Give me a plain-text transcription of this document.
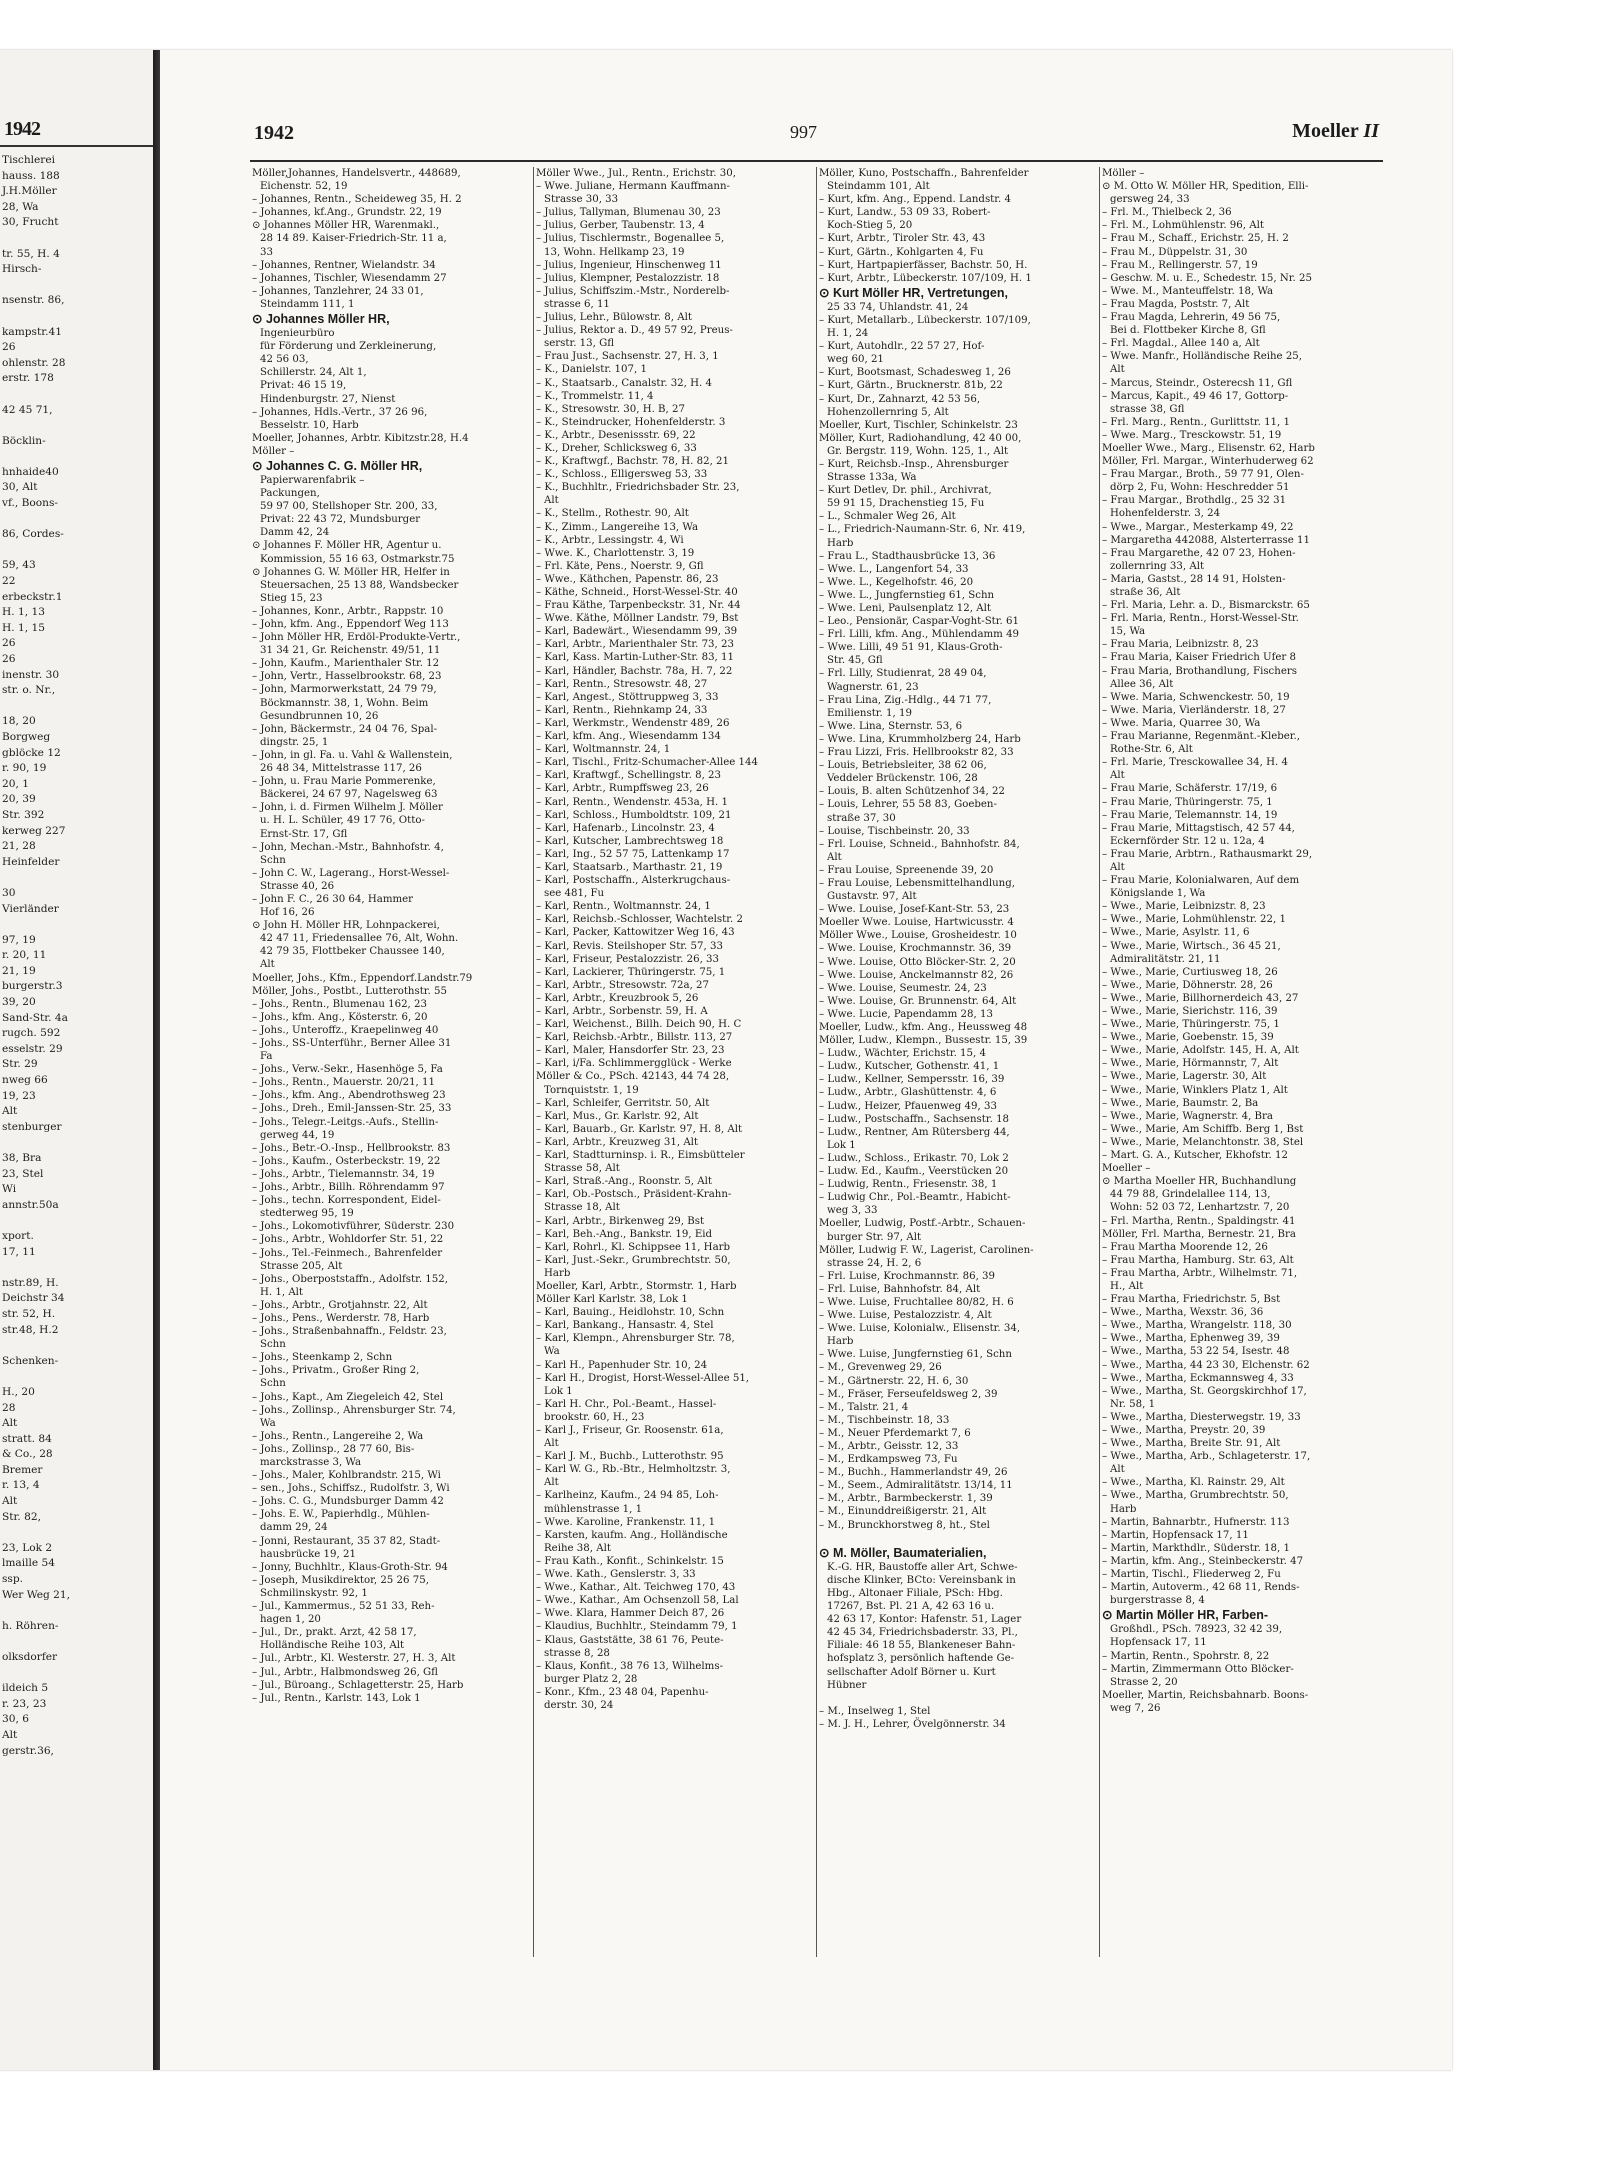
1942
Tischlerei
hauss. 188
J.H.Möller
28, Wa
30, Frucht

tr. 55, H. 4
Hirsch-

nsenstr. 86,

kampstr.41
26
ohlenstr. 28
erstr. 178

42 45 71,

Böcklin-

hnhaide40
30, Alt
vf., Boons-

86, Cordes-

59, 43
22
erbeckstr.1
H. 1, 13
H. 1, 15
26
26
inenstr. 30
str. o. Nr.,

18, 20
Borgweg
gblöcke 12
r. 90, 19
20, 1
20, 39
Str. 392
kerweg 227
21, 28
Heinfelder

30
Vierländer

97, 19
r. 20, 11
21, 19
burgerstr.3
39, 20
Sand-Str. 4a
rugch. 592
esselstr. 29
Str. 29
nweg 66
19, 23
Alt
stenburger

38, Bra
23, Stel
Wi
annstr.50a

xport.
17, 11

nstr.89, H.
Deichstr 34
str. 52, H.
str.48, H.2

Schenken-

H., 20
28
Alt
stratt. 84
& Co., 28
Bremer
r. 13, 4
Alt
Str. 82,

23, Lok 2
lmaille 54
ssp.
Wer Weg 21,

h. Röhren-

olksdorfer

ildeich 5
r. 23, 23
30, 6
Alt
gerstr.36,
1942	997	Moeller II
Möller,Johannes, Handelsvertr., 448689,
Eichenstr. 52, 19
– Johannes, Rentn., Scheideweg 35, H. 2
– Johannes, kf.Ang., Grundstr. 22, 19
⊙ Johannes Möller HR, Warenmakl.,
28 14 89. Kaiser-Friedrich-Str. 11 a,
33
– Johannes, Rentner, Wielandstr. 34
– Johannes, Tischler, Wiesendamm 27
– Johannes, Tanzlehrer, 24 33 01,
Steindamm 111, 1
⊙ Johannes Möller HR,
Ingenieurbüro
für Förderung und Zerkleinerung,
42 56 03,
Schillerstr. 24, Alt 1,
Privat: 46 15 19,
Hindenburgstr. 27, Nienst
– Johannes, Hdls.-Vertr., 37 26 96,
Besselstr. 10, Harb
Moeller, Johannes, Arbtr. Kibitzstr.28, H.4
Möller –
⊙ Johannes C. G. Möller HR,
Papierwarenfabrik –
Packungen,
59 97 00, Stellshoper Str. 200, 33,
Privat: 22 43 72, Mundsburger
Damm 42, 24
⊙ Johannes F. Möller HR, Agentur u.
Kommission, 55 16 63, Ostmarkstr.75
⊙ Johannes G. W. Möller HR, Helfer in
Steuersachen, 25 13 88, Wandsbecker
Stieg 15, 23
– Johannes, Konr., Arbtr., Rappstr. 10
– John, kfm. Ang., Eppendorf Weg 113
– John Möller HR, Erdöl-Produkte-Vertr.,
31 34 21, Gr. Reichenstr. 49/51, 11
– John, Kaufm., Marienthaler Str. 12
– John, Vertr., Hasselbrookstr. 68, 23
– John, Marmorwerkstatt, 24 79 79,
Böckmannstr. 38, 1, Wohn. Beim
Gesundbrunnen 10, 26
– John, Bäckermstr., 24 04 76, Spal-
dingstr. 25, 1
– John, in gl. Fa. u. Vahl & Wallenstein,
26 48 34, Mittelstrasse 117, 26
– John, u. Frau Marie Pommerenke,
Bäckerei, 24 67 97, Nagelsweg 63
– John, i. d. Firmen Wilhelm J. Möller
u. H. L. Schüler, 49 17 76, Otto-
Ernst-Str. 17, Gfl
– John, Mechan.-Mstr., Bahnhofstr. 4,
Schn
– John C. W., Lagerang., Horst-Wessel-
Strasse 40, 26
– John F. C., 26 30 64, Hammer
Hof 16, 26
⊙ John H. Möller HR, Lohnpackerei,
42 47 11, Friedensallee 76, Alt, Wohn.
42 79 35, Flottbeker Chaussee 140,
Alt
Moeller, Johs., Kfm., Eppendorf.Landstr.79
Möller, Johs., Postbt., Lutterothstr. 55
– Johs., Rentn., Blumenau 162, 23
– Johs., kfm. Ang., Kösterstr. 6, 20
– Johs., Unteroffz., Kraepelinweg 40
– Johs., SS-Unterführ., Berner Allee 31
Fa
– Johs., Verw.-Sekr., Hasenhöge 5, Fa
– Johs., Rentn., Mauerstr. 20/21, 11
– Johs., kfm. Ang., Abendrothsweg 23
– Johs., Dreh., Emil-Janssen-Str. 25, 33
– Johs., Telegr.-Leitgs.-Aufs., Stellin-
gerweg 44, 19
– Johs., Betr.-O.-Insp., Hellbrookstr. 83
– Johs., Kaufm., Osterbeckstr. 19, 22
– Johs., Arbtr., Tielemannstr. 34, 19
– Johs., Arbtr., Billh. Röhrendamm 97
– Johs., techn. Korrespondent, Eidel-
stedterweg 95, 19
– Johs., Lokomotivführer, Süderstr. 230
– Johs., Arbtr., Wohldorfer Str. 51, 22
– Johs., Tel.-Feinmech., Bahrenfelder
Strasse 205, Alt
– Johs., Oberpoststaffn., Adolfstr. 152,
H. 1, Alt
– Johs., Arbtr., Grotjahnstr. 22, Alt
– Johs., Pens., Werderstr. 78, Harb
– Johs., Straßenbahnaffn., Feldstr. 23,
Schn
– Johs., Steenkamp 2, Schn
– Johs., Privatm., Großer Ring 2,
Schn
– Johs., Kapt., Am Ziegeleich 42, Stel
– Johs., Zollinsp., Ahrensburger Str. 74,
Wa
– Johs., Rentn., Langereihe 2, Wa
– Johs., Zollinsp., 28 77 60, Bis-
marckstrasse 3, Wa
– Johs., Maler, Kohlbrandstr. 215, Wi
– sen., Johs., Schiffsz., Rudolfstr. 3, Wi
– Johs. C. G., Mundsburger Damm 42
– Johs. E. W., Papierhdlg., Mühlen-
damm 29, 24
– Jonni, Restaurant, 35 37 82, Stadt-
hausbrücke 19, 21
– Jonny, Buchhltr., Klaus-Groth-Str. 94
– Joseph, Musikdirektor, 25 26 75,
Schmilinskystr. 92, 1
– Jul., Kammermus., 52 51 33, Reh-
hagen 1, 20
– Jul., Dr., prakt. Arzt, 42 58 17,
Holländische Reihe 103, Alt
– Jul., Arbtr., Kl. Westerstr. 27, H. 3, Alt
– Jul., Arbtr., Halbmondsweg 26, Gfl
– Jul., Büroang., Schlagetterstr. 25, Harb
– Jul., Rentn., Karlstr. 143, Lok 1
Möller Wwe., Jul., Rentn., Erichstr. 30,
– Wwe. Juliane, Hermann Kauffmann-
Strasse 30, 33
– Julius, Tallyman, Blumenau 30, 23
– Julius, Gerber, Taubenstr. 13, 4
– Julius, Tischlermstr., Bogenallee 5,
13, Wohn. Hellkamp 23, 19
– Julius, Ingenieur, Hinschenweg 11
– Julius, Klempner, Pestalozzistr. 18
– Julius, Schiffszim.-Mstr., Norderelb-
strasse 6, 11
– Julius, Lehr., Bülowstr. 8, Alt
– Julius, Rektor a. D., 49 57 92, Preus-
serstr. 13, Gfl
– Frau Just., Sachsenstr. 27, H. 3, 1
– K., Danielstr. 107, 1
– K., Staatsarb., Canalstr. 32, H. 4
– K., Trommelstr. 11, 4
– K., Stresowstr. 30, H. B, 27
– K., Steindrucker, Hohenfelderstr. 3
– K., Arbtr., Desenissstr. 69, 22
– K., Dreher, Schlicksweg 6, 33
– K., Kraftwgf., Bachstr. 78, H. 82, 21
– K., Schloss., Elligersweg 53, 33
– K., Buchhltr., Friedrichsbader Str. 23,
Alt
– K., Stellm., Rothestr. 90, Alt
– K., Zimm., Langereihe 13, Wa
– K., Arbtr., Lessingstr. 4, Wi
– Wwe. K., Charlottenstr. 3, 19
– Frl. Käte, Pens., Noerstr. 9, Gfl
– Wwe., Käthchen, Papenstr. 86, 23
– Käthe, Schneid., Horst-Wessel-Str. 40
– Frau Käthe, Tarpenbeckstr. 31, Nr. 44
– Wwe. Käthe, Möllner Landstr. 79, Bst
– Karl, Badewärt., Wiesendamm 99, 39
– Karl, Arbtr., Marienthaler Str. 73, 23
– Karl, Kass. Martin-Luther-Str. 83, 11
– Karl, Händler, Bachstr. 78a, H. 7, 22
– Karl, Rentn., Stresowstr. 48, 27
– Karl, Angest., Stöttruppweg 3, 33
– Karl, Rentn., Riehnkamp 24, 33
– Karl, Werkmstr., Wendenstr 489, 26
– Karl, kfm. Ang., Wiesendamm 134
– Karl, Woltmannstr. 24, 1
– Karl, Tischl., Fritz-Schumacher-Allee 144
– Karl, Kraftwgf., Schellingstr. 8, 23
– Karl, Arbtr., Rumpffsweg 23, 26
– Karl, Rentn., Wendenstr. 453a, H. 1
– Karl, Schloss., Humboldtstr. 109, 21
– Karl, Hafenarb., Lincolnstr. 23, 4
– Karl, Kutscher, Lambrechtsweg 18
– Karl, Ing., 52 57 75, Lattenkamp 17
– Karl, Staatsarb., Marthastr. 21, 19
– Karl, Postschaffn., Alsterkrugchaus-
see 481, Fu
– Karl, Rentn., Woltmannstr. 24, 1
– Karl, Reichsb.-Schlosser, Wachtelstr. 2
– Karl, Packer, Kattowitzer Weg 16, 43
– Karl, Revis. Steilshoper Str. 57, 33
– Karl, Friseur, Pestalozzistr. 26, 33
– Karl, Lackierer, Thüringerstr. 75, 1
– Karl, Arbtr., Stresowstr. 72a, 27
– Karl, Arbtr., Kreuzbrook 5, 26
– Karl, Arbtr., Sorbenstr. 59, H. A
– Karl, Weichenst., Billh. Deich 90, H. C
– Karl, Reichsb.-Arbtr., Billstr. 113, 27
– Karl, Maler, Hansdorfer Str. 23, 23
– Karl, i/Fa. Schlimmergglück - Werke
Möller & Co., PSch. 42143, 44 74 28,
Tornquiststr. 1, 19
– Karl, Schleifer, Gerritstr. 50, Alt
– Karl, Mus., Gr. Karlstr. 92, Alt
– Karl, Bauarb., Gr. Karlstr. 97, H. 8, Alt
– Karl, Arbtr., Kreuzweg 31, Alt
– Karl, Stadtturninsp. i. R., Eimsbütteler
Strasse 58, Alt
– Karl, Straß.-Ang., Roonstr. 5, Alt
– Karl, Ob.-Postsch., Präsident-Krahn-
Strasse 18, Alt
– Karl, Arbtr., Birkenweg 29, Bst
– Karl, Beh.-Ang., Bankstr. 19, Eid
– Karl, Rohrl., Kl. Schippsee 11, Harb
– Karl, Just.-Sekr., Grumbrechtstr. 50,
Harb
Moeller, Karl, Arbtr., Stormstr. 1, Harb
Möller Karl Karlstr. 38, Lok 1
– Karl, Bauing., Heidlohstr. 10, Schn
– Karl, Bankang., Hansastr. 4, Stel
– Karl, Klempn., Ahrensburger Str. 78,
Wa
– Karl H., Papenhuder Str. 10, 24
– Karl H., Drogist, Horst-Wessel-Allee 51,
Lok 1
– Karl H. Chr., Pol.-Beamt., Hassel-
brookstr. 60, H., 23
– Karl J., Friseur, Gr. Roosenstr. 61a,
Alt
– Karl J. M., Buchb., Lutterothstr. 95
– Karl W. G., Rb.-Btr., Helmholtzstr. 3,
Alt
– Karlheinz, Kaufm., 24 94 85, Loh-
mühlenstrasse 1, 1
– Wwe. Karoline, Frankenstr. 11, 1
– Karsten, kaufm. Ang., Holländische
Reihe 38, Alt
– Frau Kath., Konfit., Schinkelstr. 15
– Wwe. Kath., Genslerstr. 3, 33
– Wwe., Kathar., Alt. Teichweg 170, 43
– Wwe., Kathar., Am Ochsenzoll 58, Lal
– Wwe. Klara, Hammer Deich 87, 26
– Klaudius, Buchhltr., Steindamm 79, 1
– Klaus, Gaststätte, 38 61 76, Peute-
strasse 8, 28
– Klaus, Konfit., 38 76 13, Wilhelms-
burger Platz 2, 28
– Konr., Kfm., 23 48 04, Papenhu-
derstr. 30, 24
Möller, Kuno, Postschaffn., Bahrenfelder
Steindamm 101, Alt
– Kurt, kfm. Ang., Eppend. Landstr. 4
– Kurt, Landw., 53 09 33, Robert-
Koch-Stieg 5, 20
– Kurt, Arbtr., Tiroler Str. 43, 43
– Kurt, Gärtn., Kohlgarten 4, Fu
– Kurt, Hartpapierfässer, Bachstr. 50, H.
– Kurt, Arbtr., Lübeckerstr. 107/109, H. 1
⊙ Kurt Möller HR, Vertretungen,
25 33 74, Uhlandstr. 41, 24
– Kurt, Metallarb., Lübeckerstr. 107/109,
H. 1, 24
– Kurt, Autohdlr., 22 57 27, Hof-
weg 60, 21
– Kurt, Bootsmast, Schadesweg 1, 26
– Kurt, Gärtn., Brucknerstr. 81b, 22
– Kurt, Dr., Zahnarzt, 42 53 56,
Hohenzollernring 5, Alt
Moeller, Kurt, Tischler, Schinkelstr. 23
Möller, Kurt, Radiohandlung, 42 40 00,
Gr. Bergstr. 119, Wohn. 125, 1., Alt
– Kurt, Reichsb.-Insp., Ahrensburger
Strasse 133a, Wa
– Kurt Detlev, Dr. phil., Archivrat,
59 91 15, Drachenstieg 15, Fu
– L., Schmaler Weg 26, Alt
– L., Friedrich-Naumann-Str. 6, Nr. 419,
Harb
– Frau L., Stadthausbrücke 13, 36
– Wwe. L., Langenfort 54, 33
– Wwe. L., Kegelhofstr. 46, 20
– Wwe. L., Jungfernstieg 61, Schn
– Wwe. Leni, Paulsenplatz 12, Alt
– Leo., Pensionär, Caspar-Voght-Str. 61
– Frl. Lilli, kfm. Ang., Mühlendamm 49
– Wwe. Lilli, 49 51 91, Klaus-Groth-
Str. 45, Gfl
– Frl. Lilly, Studienrat, 28 49 04,
Wagnerstr. 61, 23
– Frau Lina, Zig.-Hdlg., 44 71 77,
Emilienstr. 1, 19
– Wwe. Lina, Sternstr. 53, 6
– Wwe. Lina, Krummholzberg 24, Harb
– Frau Lizzi, Fris. Hellbrookstr 82, 33
– Louis, Betriebsleiter, 38 62 06,
Veddeler Brückenstr. 106, 28
– Louis, B. alten Schützenhof 34, 22
– Louis, Lehrer, 55 58 83, Goeben-
straße 37, 30
– Louise, Tischbeinstr. 20, 33
– Frl. Louise, Schneid., Bahnhofstr. 84,
Alt
– Frau Louise, Spreenende 39, 20
– Frau Louise, Lebensmittelhandlung,
Gustavstr. 97, Alt
– Wwe. Louise, Josef-Kant-Str. 53, 23
Moeller Wwe. Louise, Hartwicusstr. 4
Möller Wwe., Louise, Grosheidestr. 10
– Wwe. Louise, Krochmannstr. 36, 39
– Wwe. Louise, Otto Blöcker-Str. 2, 20
– Wwe. Louise, Anckelmannstr 82, 26
– Wwe. Louise, Seumestr. 24, 23
– Wwe. Louise, Gr. Brunnenstr. 64, Alt
– Wwe. Lucie, Papendamm 28, 13
Moeller, Ludw., kfm. Ang., Heussweg 48
Möller, Ludw., Klempn., Bussestr. 15, 39
– Ludw., Wächter, Erichstr. 15, 4
– Ludw., Kutscher, Gothenstr. 41, 1
– Ludw., Kellner, Sempersstr. 16, 39
– Ludw., Arbtr., Glashüttenstr. 4, 6
– Ludw., Heizer, Pfauenweg 49, 33
– Ludw., Postschaffn., Sachsenstr. 18
– Ludw., Rentner, Am Rütersberg 44,
Lok 1
– Ludw., Schloss., Erikastr. 70, Lok 2
– Ludw. Ed., Kaufm., Veerstücken 20
– Ludwig, Rentn., Friesenstr. 38, 1
– Ludwig Chr., Pol.-Beamtr., Habicht-
weg 3, 33
Moeller, Ludwig, Postf.-Arbtr., Schauen-
burger Str. 97, Alt
Möller, Ludwig F. W., Lagerist, Carolinen-
strasse 24, H. 2, 6
– Frl. Luise, Krochmannstr. 86, 39
– Frl. Luise, Bahnhofstr. 84, Alt
– Wwe. Luise, Fruchtallee 80/82, H. 6
– Wwe. Luise, Pestalozzistr. 4, Alt
– Wwe. Luise, Kolonialw., Elisenstr. 34,
Harb
– Wwe. Luise, Jungfernstieg 61, Schn
– M., Grevenweg 29, 26
– M., Gärtnerstr. 22, H. 6, 30
– M., Fräser, Ferseufeldsweg 2, 39
– M., Talstr. 21, 4
– M., Tischbeinstr. 18, 33
– M., Neuer Pferdemarkt 7, 6
– M., Arbtr., Geisstr. 12, 33
– M., Erdkampsweg 73, Fu
– M., Buchh., Hammerlandstr 49, 26
– M., Seem., Admiralitätstr. 13/14, 11
– M., Arbtr., Barmbeckerstr. 1, 39
– M., Einunddreißigerstr. 21, Alt
– M., Brunckhorstweg 8, ht., Stel

⊙ M. Möller, Baumaterialien,
K.-G. HR, Baustoffe aller Art, Schwe-
dische Klinker, BCto: Vereinsbank in
Hbg., Altonaer Filiale, PSch: Hbg.
17267, Bst. Pl. 21 A, 42 63 16 u.
42 63 17, Kontor: Hafenstr. 51, Lager
42 45 34, Friedrichsbaderstr. 33, Pl.,
Filiale: 46 18 55, Blankeneser Bahn-
hofsplatz 3, persönlich haftende Ge-
sellschafter Adolf Börner u. Kurt
Hübner

– M., Inselweg 1, Stel
– M. J. H., Lehrer, Övelgönnerstr. 34
Möller –
⊙ M. Otto W. Möller HR, Spedition, Elli-
gersweg 24, 33
– Frl. M., Thielbeck 2, 36
– Frl. M., Lohmühlenstr. 96, Alt
– Frau M., Schaff., Erichstr. 25, H. 2
– Frau M., Düppelstr. 31, 30
– Frau M., Rellingerstr. 57, 19
– Geschw. M. u. E., Schedestr. 15, Nr. 25
– Wwe. M., Manteuffelstr. 18, Wa
– Frau Magda, Poststr. 7, Alt
– Frau Magda, Lehrerin, 49 56 75,
Bei d. Flottbeker Kirche 8, Gfl
– Frl. Magdal., Allee 140 a, Alt
– Wwe. Manfr., Holländische Reihe 25,
Alt
– Marcus, Steindr., Osterecsh 11, Gfl
– Marcus, Kapit., 49 46 17, Gottorp-
strasse 38, Gfl
– Frl. Marg., Rentn., Gurlittstr. 11, 1
– Wwe. Marg., Tresckowstr. 51, 19
Moeller Wwe., Marg., Elisenstr. 62, Harb
Möller, Frl. Margar., Winterhuderweg 62
– Frau Margar., Broth., 59 77 91, Olen-
dörp 2, Fu, Wohn: Heschredder 51
– Frau Margar., Brothdlg., 25 32 31
Hohenfelderstr. 3, 24
– Wwe., Margar., Mesterkamp 49, 22
– Margaretha 442088, Alsterterrasse 11
– Frau Margarethe, 42 07 23, Hohen-
zollernring 33, Alt
– Maria, Gastst., 28 14 91, Holsten-
straße 36, Alt
– Frl. Maria, Lehr. a. D., Bismarckstr. 65
– Frl. Maria, Rentn., Horst-Wessel-Str.
15, Wa
– Frau Maria, Leibnizstr. 8, 23
– Frau Maria, Kaiser Friedrich Ufer 8
– Frau Maria, Brothandlung, Fischers
Allee 36, Alt
– Wwe. Maria, Schwenckestr. 50, 19
– Wwe. Maria, Vierländerstr. 18, 27
– Wwe. Maria, Quarree 30, Wa
– Frau Marianne, Regenmänt.-Kleber.,
Rothe-Str. 6, Alt
– Frl. Marie, Tresckowallee 34, H. 4
Alt
– Frau Marie, Schäferstr. 17/19, 6
– Frau Marie, Thüringerstr. 75, 1
– Frau Marie, Telemannstr. 14, 19
– Frau Marie, Mittagstisch, 42 57 44,
Eckernförder Str. 12 u. 12a, 4
– Frau Marie, Arbtrn., Rathausmarkt 29,
Alt
– Frau Marie, Kolonialwaren, Auf dem
Königslande 1, Wa
– Wwe., Marie, Leibnizstr. 8, 23
– Wwe., Marie, Lohmühlenstr. 22, 1
– Wwe., Marie, Asylstr. 11, 6
– Wwe., Marie, Wirtsch., 36 45 21,
Admiralitätstr. 21, 11
– Wwe., Marie, Curtiusweg 18, 26
– Wwe., Marie, Döhnerstr. 28, 26
– Wwe., Marie, Billhornerdeich 43, 27
– Wwe., Marie, Sierichstr. 116, 39
– Wwe., Marie, Thüringerstr. 75, 1
– Wwe., Marie, Goebenstr. 15, 39
– Wwe., Marie, Adolfstr. 145, H. A, Alt
– Wwe., Marie, Hörmannstr, 7, Alt
– Wwe., Marie, Lagerstr. 30, Alt
– Wwe., Marie, Winklers Platz 1, Alt
– Wwe., Marie, Baumstr. 2, Ba
– Wwe., Marie, Wagnerstr. 4, Bra
– Wwe., Marie, Am Schiffb. Berg 1, Bst
– Wwe., Marie, Melanchtonstr. 38, Stel
– Mart. G. A., Kutscher, Ekhofstr. 12
Moeller –
⊙ Martha Moeller HR, Buchhandlung
44 79 88, Grindelallee 114, 13,
Wohn: 52 03 72, Lenhartzstr. 7, 20
– Frl. Martha, Rentn., Spaldingstr. 41
Möller, Frl. Martha, Bernestr. 21, Bra
– Frau Martha Moorende 12, 26
– Frau Martha, Hamburg. Str. 63, Alt
– Frau Martha, Arbtr., Wilhelmstr. 71,
H., Alt
– Frau Martha, Friedrichstr. 5, Bst
– Wwe., Martha, Wexstr. 36, 36
– Wwe., Martha, Wrangelstr. 118, 30
– Wwe., Martha, Ephenweg 39, 39
– Wwe., Martha, 53 22 54, Isestr. 48
– Wwe., Martha, 44 23 30, Elchenstr. 62
– Wwe., Martha, Eckmannsweg 4, 33
– Wwe., Martha, St. Georgskirchhof 17,
Nr. 58, 1
– Wwe., Martha, Diesterwegstr. 19, 33
– Wwe., Martha, Preystr. 20, 39
– Wwe., Martha, Breite Str. 91, Alt
– Wwe., Martha, Arb., Schlageterstr. 17,
Alt
– Wwe., Martha, Kl. Rainstr. 29, Alt
– Wwe., Martha, Grumbrechtstr. 50,
Harb
– Martin, Bahnarbtr., Hufnerstr. 113
– Martin, Hopfensack 17, 11
– Martin, Markthdlr., Süderstr. 18, 1
– Martin, kfm. Ang., Steinbeckerstr. 47
– Martin, Tischl., Fliederweg 2, Fu
– Martin, Autoverm., 42 68 11, Rends-
burgerstrasse 8, 4
⊙ Martin Möller HR, Farben-
Großhdl., PSch. 78923, 32 42 39,
Hopfensack 17, 11
– Martin, Rentn., Spohrstr. 8, 22
– Martin, Zimmermann Otto Blöcker-
Strasse 2, 20
Moeller, Martin, Reichsbahnarb. Boons-
weg 7, 26
